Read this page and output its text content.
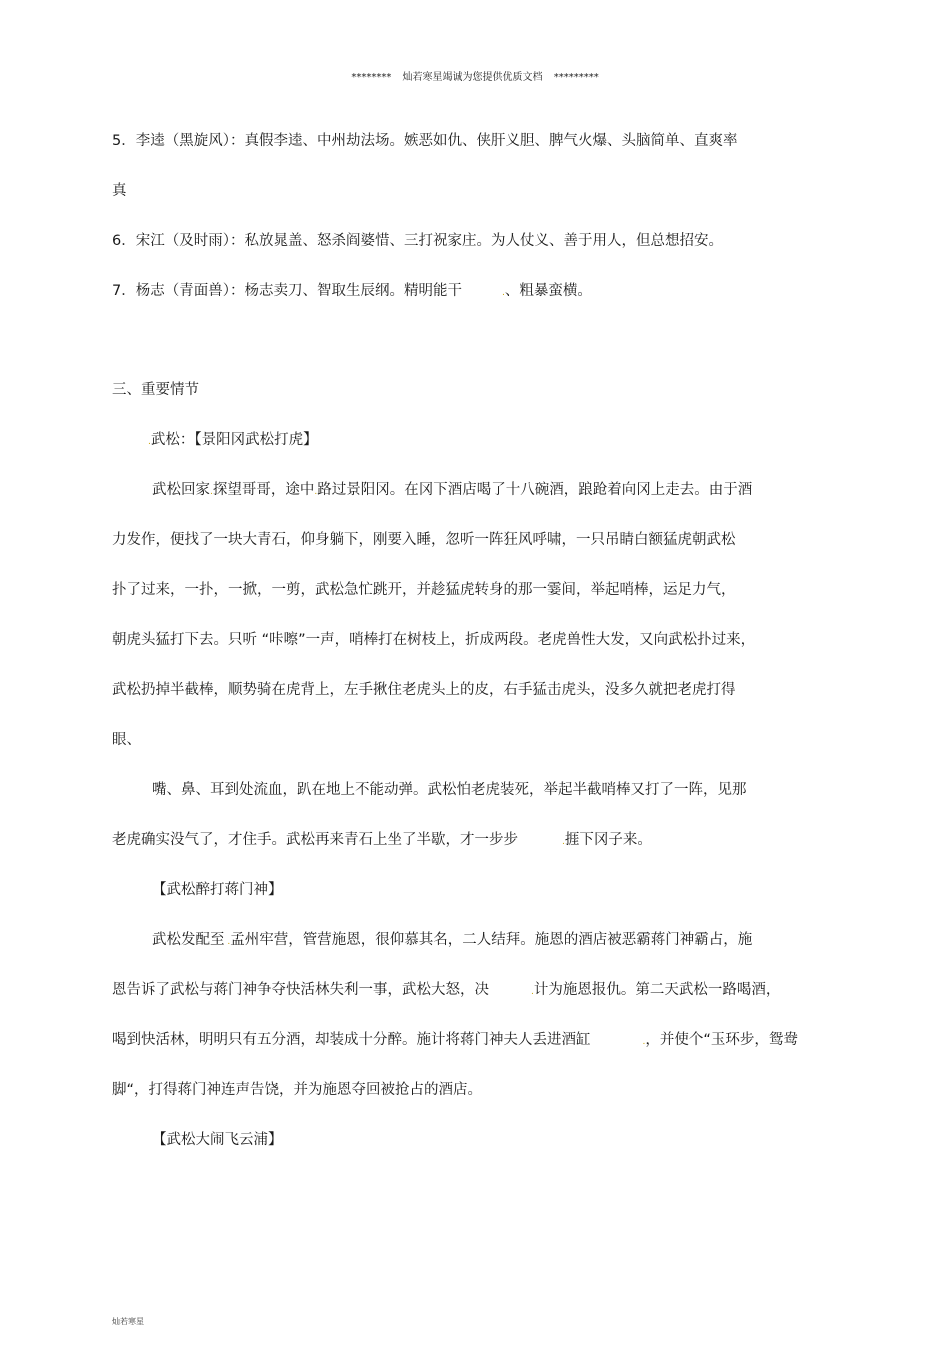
******** 灿若寒星竭诚为您提供优质文档 *********
5．李逵（黑旋风）：真假李逵、中州劫法场。嫉恶如仇、侠肝义胆、脾气火爆、头脑简单、直爽率
真
6．宋江（及时雨）：私放晁盖、怒杀阎婆惜、三打祝家庄。为人仗义、善于用人，但总想招安。
7．杨志（青面兽）：杨志卖刀、智取生辰纲。精明能干	.、粗暴蛮横。
三、重要情节
.武松：【景阳冈武松打虎】
武松回家.探望哥哥，途中.路过景阳冈。在冈下酒店喝了十八碗酒，踉跄着向冈上走去。由于酒
力发作，便找了一块大青石，仰身躺下，刚要入睡，忽听一阵狂风呼啸，一只吊睛白额猛虎朝武松
扑了过来，一扑，一掀，一剪，武松急忙跳开，并趁猛虎转身的那一霎间，举起哨棒，运足力气，
朝虎头猛打下去。只听 “咔嚓”一声，哨棒打在树枝上，折成两段。老虎兽性大发，又向武松扑过来，
武松扔掉半截棒，顺势骑在虎背上，左手揪住老虎头上的皮，右手猛击虎头，没多久就把老虎打得
眼、
嘴、鼻、耳到处流血，趴在地上不能动弹。武松怕老虎装死，举起半截哨棒又打了一阵，见那
老虎确实没气了，才住手。武松再来青石上坐了半歇，才一步步	.捱下冈子来。
【武松醉打蒋门神】
武松发配至 .孟州牢营，管营施恩，很仰慕其名，二人结拜。施恩的酒店被恶霸蒋门神霸占，施
恩告诉了武松与蒋门神争夺快活林失利一事，武松大怒，决	.计为施恩报仇。第二天武松一路喝酒，
喝到快活林，明明只有五分酒，却装成十分醉。施计将蒋门神夫人丢进酒缸	.，并使个“玉环步，鸳鸯
脚“，打得蒋门神连声告饶，并为施恩夺回被抢占的酒店。
【武松大闹飞云浦】
灿若寒星
